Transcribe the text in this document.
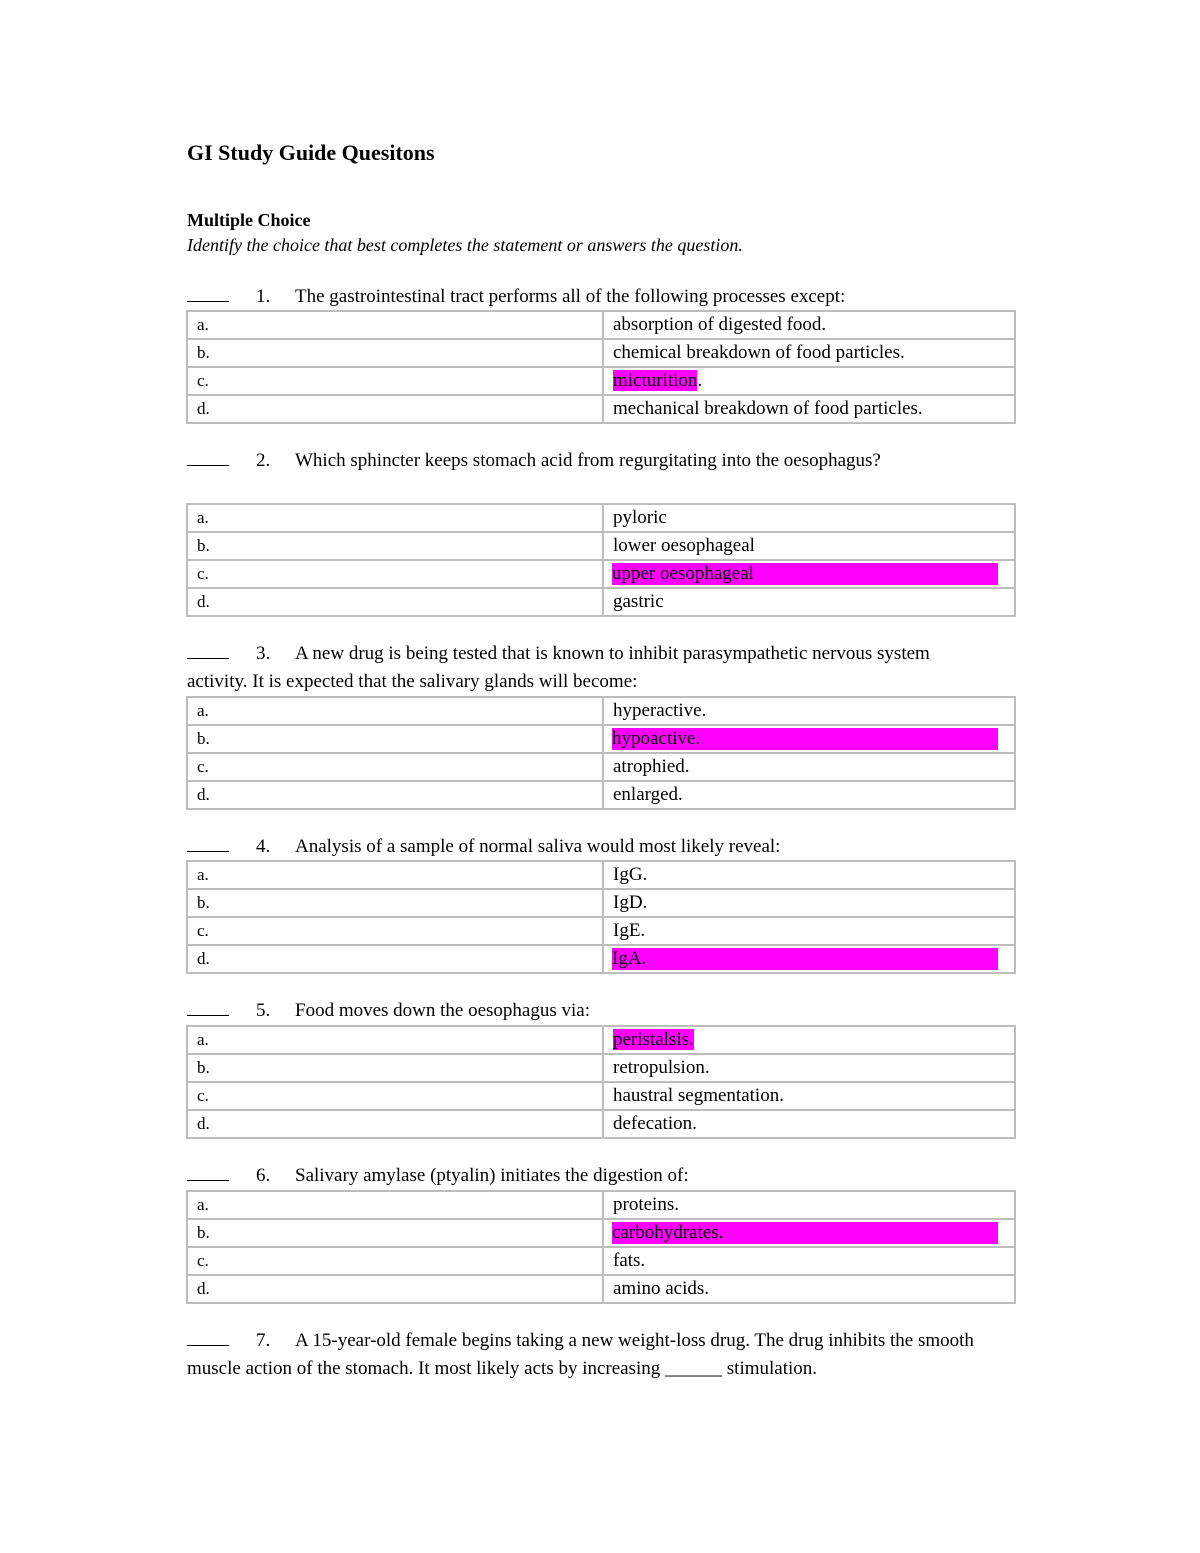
GI Study Guide Quesitons
Multiple Choice
Identify the choice that best completes the statement or answers the question.
1. The gastrointestinal tract performs all of the following processes except:
a.	absorption of digested food.
b.	chemical breakdown of food particles.
c.	micturition.
d.	mechanical breakdown of food particles.
2. Which sphincter keeps stomach acid from regurgitating into the oesophagus?
a.	pyloric
b.	lower oesophageal
c.	upper oesophageal

d.	gastric
3. A new drug is being tested that is known to inhibit parasympathetic nervous system activity. It is expected that the salivary glands will become:
a.	hyperactive.
b.	hypoactive.

c.	atrophied.
d.	enlarged.
4. Analysis of a sample of normal saliva would most likely reveal:
a.	IgG.
b.	IgD.
c.	IgE.
d.	IgA.
5. Food moves down the oesophagus via:
a.	peristalsis.
b.	retropulsion.
c.	haustral segmentation.
d.	defecation.
6. Salivary amylase (ptyalin) initiates the digestion of:
a.	proteins.
b.	carbohydrates.

c.	fats.
d.	amino acids.
7. A 15-year-old female begins taking a new weight-loss drug. The drug inhibits the smooth muscle action of the stomach. It most likely acts by increasing ______ stimulation.
